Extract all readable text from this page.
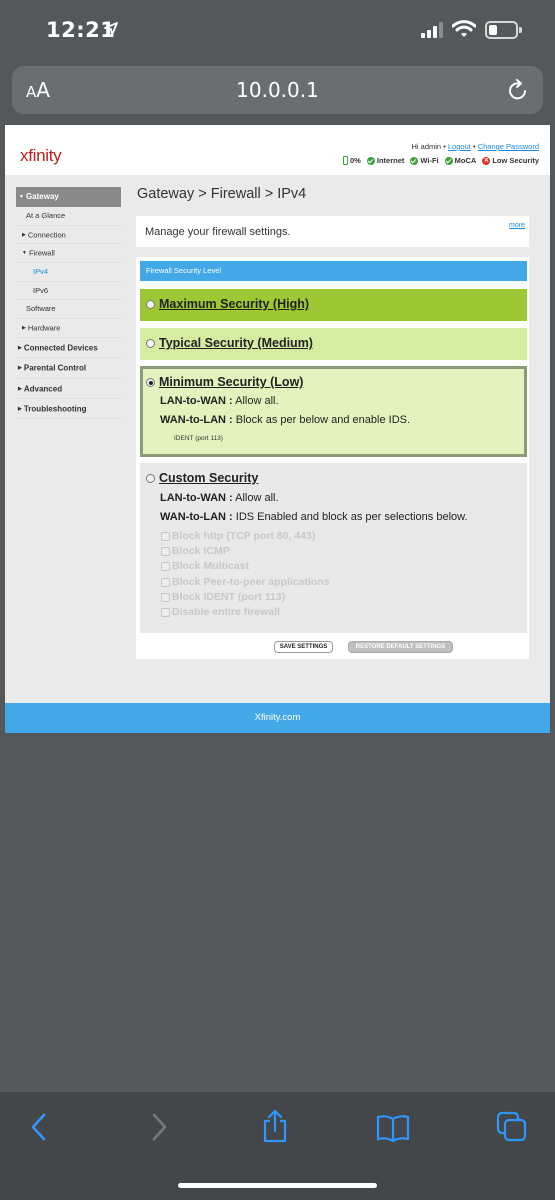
12:21
AA	10.0.0.1
xfinity	Hi admin • Logout • Change Password
0% Internet Wi-Fi MoCA ✕ Low Security
▼ Gateway
At a Glance
▶ Connection
▼ Firewall
IPv4
IPv6
Software
▶ Hardware
▶ Connected Devices
▶ Parental Control
▶ Advanced
▶ Troubleshooting
Gateway > Firewall > IPv4
Manage your firewall settings.
more
Firewall Security Level
Maximum Security (High)
Typical Security (Medium)
Minimum Security (Low)
LAN-to-WAN : Allow all.
WAN-to-LAN : Block as per below and enable IDS.
IDENT (port 113)
Custom Security
LAN-to-WAN : Allow all.
WAN-to-LAN : IDS Enabled and block as per selections below.
Block http (TCP port 80, 443)
Block ICMP
Block Multicast
Block Peer-to-peer applications
Block IDENT (port 113)
Disable entire firewall
SAVE SETTINGS	RESTORE DEFAULT SETTINGS
Xfinity.com
